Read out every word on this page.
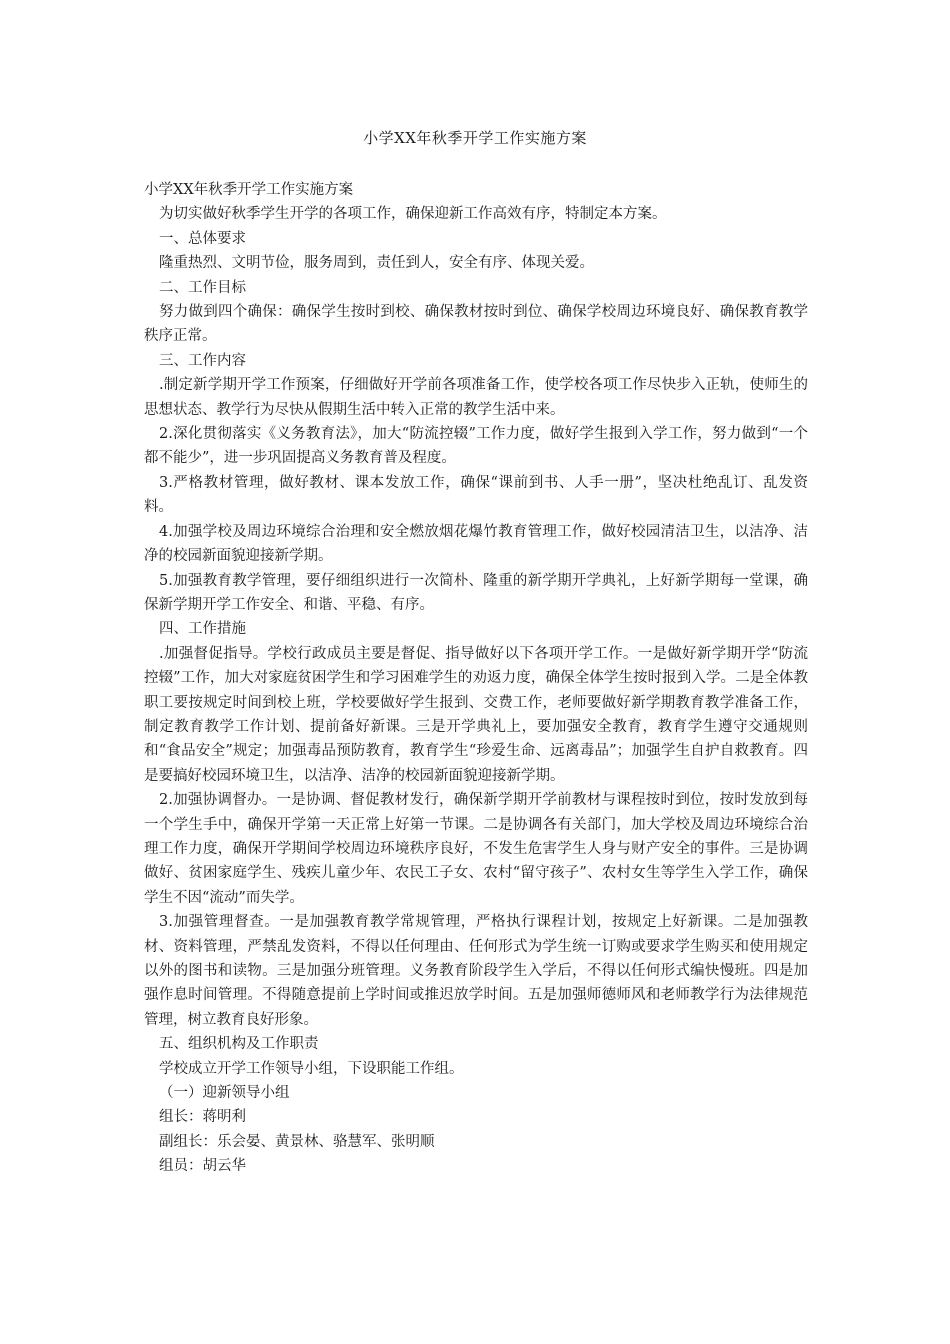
小学XX年秋季开学工作实施方案

小学XX年秋季开学工作实施方案

为切实做好秋季学生开学的各项工作，确保迎新工作高效有序，特制定本方案。

一、总体要求

隆重热烈、文明节俭，服务周到，责任到人，安全有序、体现关爱。

二、工作目标

努力做到四个确保：确保学生按时到校、确保教材按时到位、确保学校周边环境良好、确保教育教学秩序正常。

三、工作内容

.制定新学期开学工作预案，仔细做好开学前各项准备工作，使学校各项工作尽快步入正轨，使师生的思想状态、教学行为尽快从假期生活中转入正常的教学生活中来。

2.深化贯彻落实《义务教育法》，加大“防流控辍”工作力度，做好学生报到入学工作，努力做到“一个都不能少”，进一步巩固提高义务教育普及程度。

3.严格教材管理，做好教材、课本发放工作，确保“课前到书、人手一册”，坚决杜绝乱订、乱发资料。

4.加强学校及周边环境综合治理和安全燃放烟花爆竹教育管理工作，做好校园清洁卫生，以洁净、洁净的校园新面貌迎接新学期。

5.加强教育教学管理，要仔细组织进行一次简朴、隆重的新学期开学典礼，上好新学期每一堂课，确保新学期开学工作安全、和谐、平稳、有序。

四、工作措施

.加强督促指导。学校行政成员主要是督促、指导做好以下各项开学工作。一是做好新学期开学“防流控辍”工作，加大对家庭贫困学生和学习困难学生的劝返力度，确保全体学生按时报到入学。二是全体教职工要按规定时间到校上班，学校要做好学生报到、交费工作，老师要做好新学期教育教学准备工作，制定教育教学工作计划、提前备好新课。三是开学典礼上，要加强安全教育，教育学生遵守交通规则和“食品安全”规定；加强毒品预防教育，教育学生“珍爱生命、远离毒品”；加强学生自护自救教育。四是要搞好校园环境卫生，以洁净、洁净的校园新面貌迎接新学期。

2.加强协调督办。一是协调、督促教材发行，确保新学期开学前教材与课程按时到位，按时发放到每一个学生手中，确保开学第一天正常上好第一节课。二是协调各有关部门，加大学校及周边环境综合治理工作力度，确保开学期间学校周边环境秩序良好，不发生危害学生人身与财产安全的事件。三是协调做好、贫困家庭学生、残疾儿童少年、农民工子女、农村“留守孩子”、农村女生等学生入学工作，确保学生不因“流动”而失学。

3.加强管理督查。一是加强教育教学常规管理，严格执行课程计划，按规定上好新课。二是加强教材、资料管理，严禁乱发资料，不得以任何理由、任何形式为学生统一订购或要求学生购买和使用规定以外的图书和读物。三是加强分班管理。义务教育阶段学生入学后，不得以任何形式编快慢班。四是加强作息时间管理。不得随意提前上学时间或推迟放学时间。五是加强师德师风和老师教学行为法律规范管理，树立教育良好形象。

五、组织机构及工作职责

学校成立开学工作领导小组，下设职能工作组。

（一）迎新领导小组

组长：蒋明利

副组长：乐会晏、黄景林、骆慧军、张明顺

组员：胡云华
